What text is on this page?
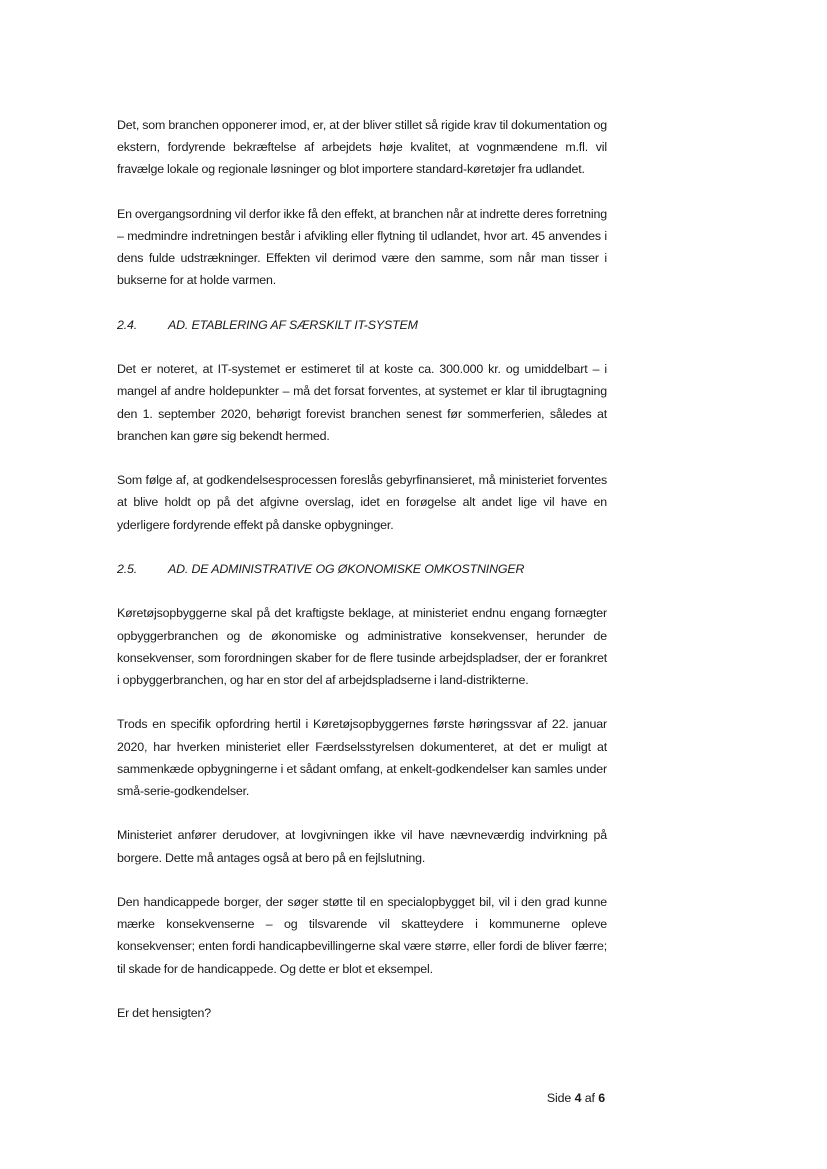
Det, som branchen opponerer imod, er, at der bliver stillet så rigide krav til dokumentation og ekstern, fordyrende bekræftelse af arbejdets høje kvalitet, at vognmændene m.fl. vil fravælge lokale og regionale løsninger og blot importere standard-køretøjer fra udlandet.

En overgangsordning vil derfor ikke få den effekt, at branchen når at indrette deres forretning – medmindre indretningen består i afvikling eller flytning til udlandet, hvor art. 45 anvendes i dens fulde udstrækninger. Effekten vil derimod være den samme, som når man tisser i bukserne for at holde varmen.

2.4.	AD. ETABLERING AF SÆRSKILT IT-SYSTEM

Det er noteret, at IT-systemet er estimeret til at koste ca. 300.000 kr. og umiddelbart – i mangel af andre holdepunkter – må det forsat forventes, at systemet er klar til ibrugtagning den 1. september 2020, behørigt forevist branchen senest før sommerferien, således at branchen kan gøre sig bekendt hermed.

Som følge af, at godkendelsesprocessen foreslås gebyrfinansieret, må ministeriet forventes at blive holdt op på det afgivne overslag, idet en forøgelse alt andet lige vil have en yderligere fordyrende effekt på danske opbygninger.

2.5.	AD. DE ADMINISTRATIVE OG ØKONOMISKE OMKOSTNINGER

Køretøjsopbyggerne skal på det kraftigste beklage, at ministeriet endnu engang fornægter opbyggerbranchen og de økonomiske og administrative konsekvenser, herunder de konsekvenser, som forordningen skaber for de flere tusinde arbejdspladser, der er forankret i opbyggerbranchen, og har en stor del af arbejdspladserne i land-distrikterne.

Trods en specifik opfordring hertil i Køretøjsopbyggernes første høringssvar af 22. januar 2020, har hverken ministeriet eller Færdselsstyrelsen dokumenteret, at det er muligt at sammenkæde opbygningerne i et sådant omfang, at enkelt-godkendelser kan samles under små-serie-godkendelser.

Ministeriet anfører derudover, at lovgivningen ikke vil have nævneværdig indvirkning på borgere. Dette må antages også at bero på en fejlslutning.

Den handicappede borger, der søger støtte til en specialopbygget bil, vil i den grad kunne mærke konsekvenserne – og tilsvarende vil skatteydere i kommunerne opleve konsekvenser; enten fordi handicapbevillingerne skal være større, eller fordi de bliver færre; til skade for de handicappede. Og dette er blot et eksempel.

Er det hensigten?

Side 4 af 6
